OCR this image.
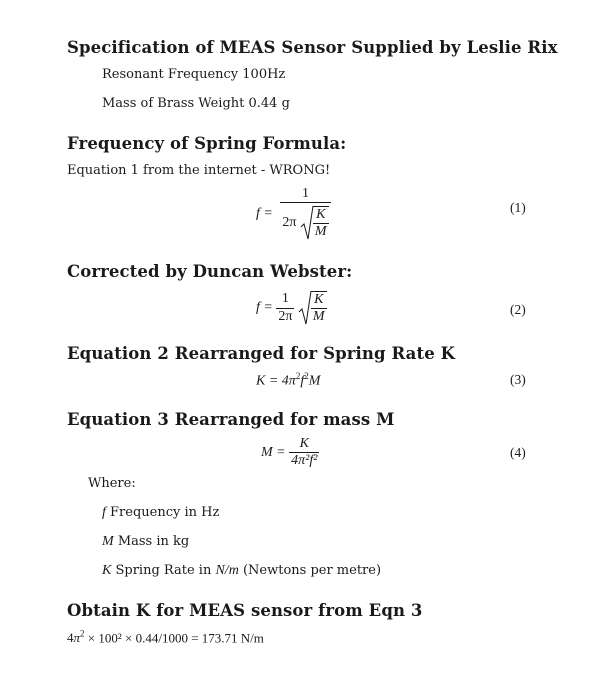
Specification of MEAS Sensor Supplied by Leslie Rix
Resonant Frequency 100Hz
Mass of Brass Weight 0.44 g
Frequency of Spring Formula:
Equation 1 from the internet - WRONG!
$f = \frac{1}{2\pi \frac{K}{M}}$	(1)
Corrected by Duncan Webster:
$f = \frac{1}{2\pi}$
$\frac{K}{M}$	(2)
Equation 2 Rearranged for Spring Rate K
$K = 4\pi^2f^2M$	(3)
Equation 3 Rearranged for mass M
$M = \frac{K}{\text{4π²f²}}$	(4)
Where:
f Frequency in Hz
M Mass in kg
K Spring Rate in N/m (Newtons per metre)
Obtain K for MEAS sensor from Eqn 3
$4\pi^2 \times 100^2 \times 0.44/1000 = 173.71$ N/m
